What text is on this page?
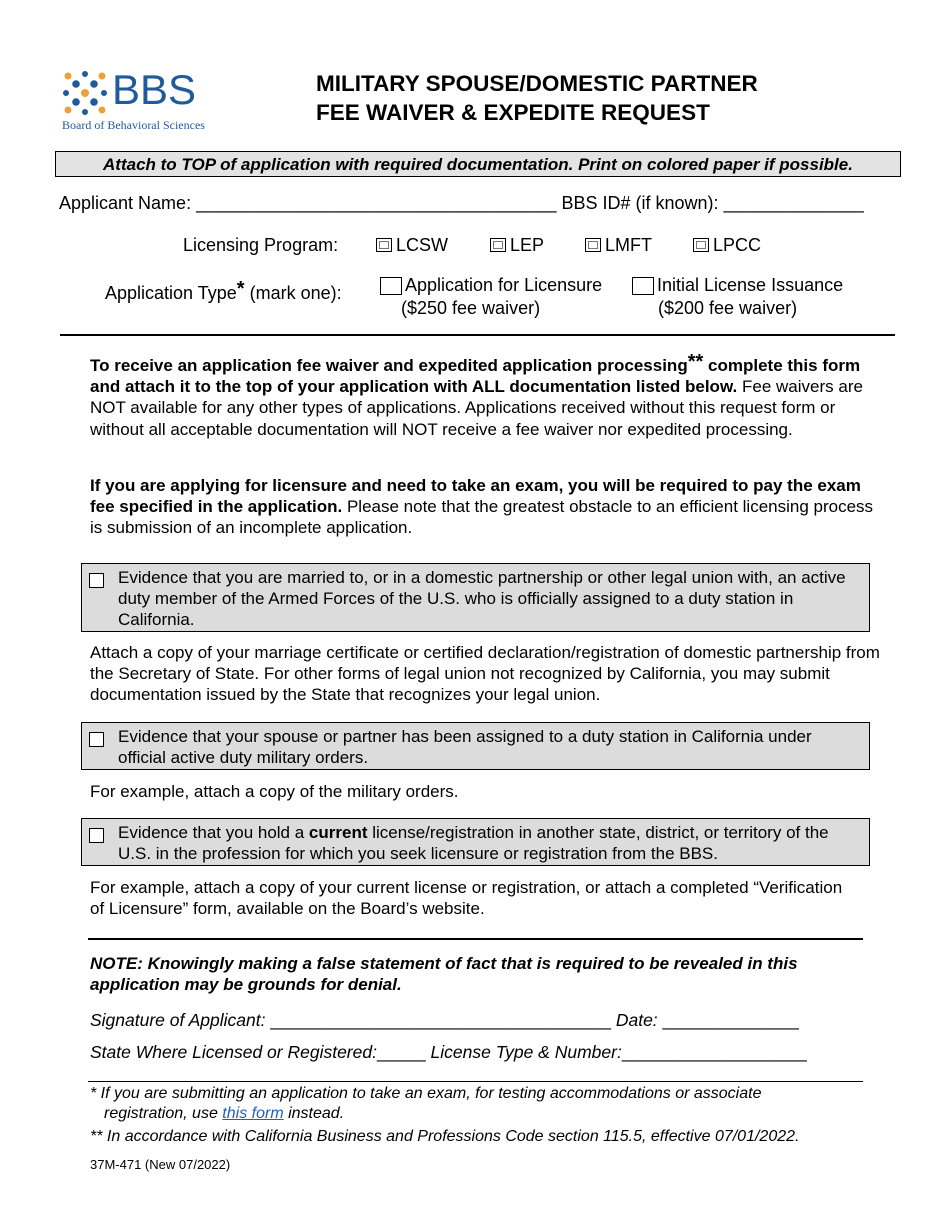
BBS
Board of Behavioral Sciences
MILITARY SPOUSE/DOMESTIC PARTNER
FEE WAIVER & EXPEDITE REQUEST
Attach to TOP of application with required documentation. Print on colored paper if possible.
Applicant Name: ____________________________________ BBS ID# (if known): ______________
Licensing Program:	LCSW	LEP	LMFT	LPCC
Application Type* (mark one):	Application for Licensure
($250 fee waiver)
Initial License Issuance
($200 fee waiver)
To receive an application fee waiver and expedited application processing** complete this form and attach it to the top of your application with ALL documentation listed below. Fee waivers are NOT available for any other types of applications. Applications received without this request form or without all acceptable documentation will NOT receive a fee waiver nor expedited processing.
If you are applying for licensure and need to take an exam, you will be required to pay the exam fee specified in the application. Please note that the greatest obstacle to an efficient licensing process is submission of an incomplete application.
Evidence that you are married to, or in a domestic partnership or other legal union with, an active duty member of the Armed Forces of the U.S. who is officially assigned to a duty station in California.
Attach a copy of your marriage certificate or certified declaration/registration of domestic partnership from the Secretary of State. For other forms of legal union not recognized by California, you may submit documentation issued by the State that recognizes your legal union.
Evidence that your spouse or partner has been assigned to a duty station in California under official active duty military orders.
For example, attach a copy of the military orders.
Evidence that you hold a current license/registration in another state, district, or territory of the U.S. in the profession for which you seek licensure or registration from the BBS.
For example, attach a copy of your current license or registration, or attach a completed “Verification of Licensure” form, available on the Board’s website.
NOTE: Knowingly making a false statement of fact that is required to be revealed in this application may be grounds for denial.
Signature of Applicant: ___________________________________ Date: ______________
State Where Licensed or Registered:_____ License Type & Number:___________________
* If you are submitting an application to take an exam, for testing accommodations or associate
registration, use this form instead.
** In accordance with California Business and Professions Code section 115.5, effective 07/01/2022.
37M-471 (New 07/2022)
